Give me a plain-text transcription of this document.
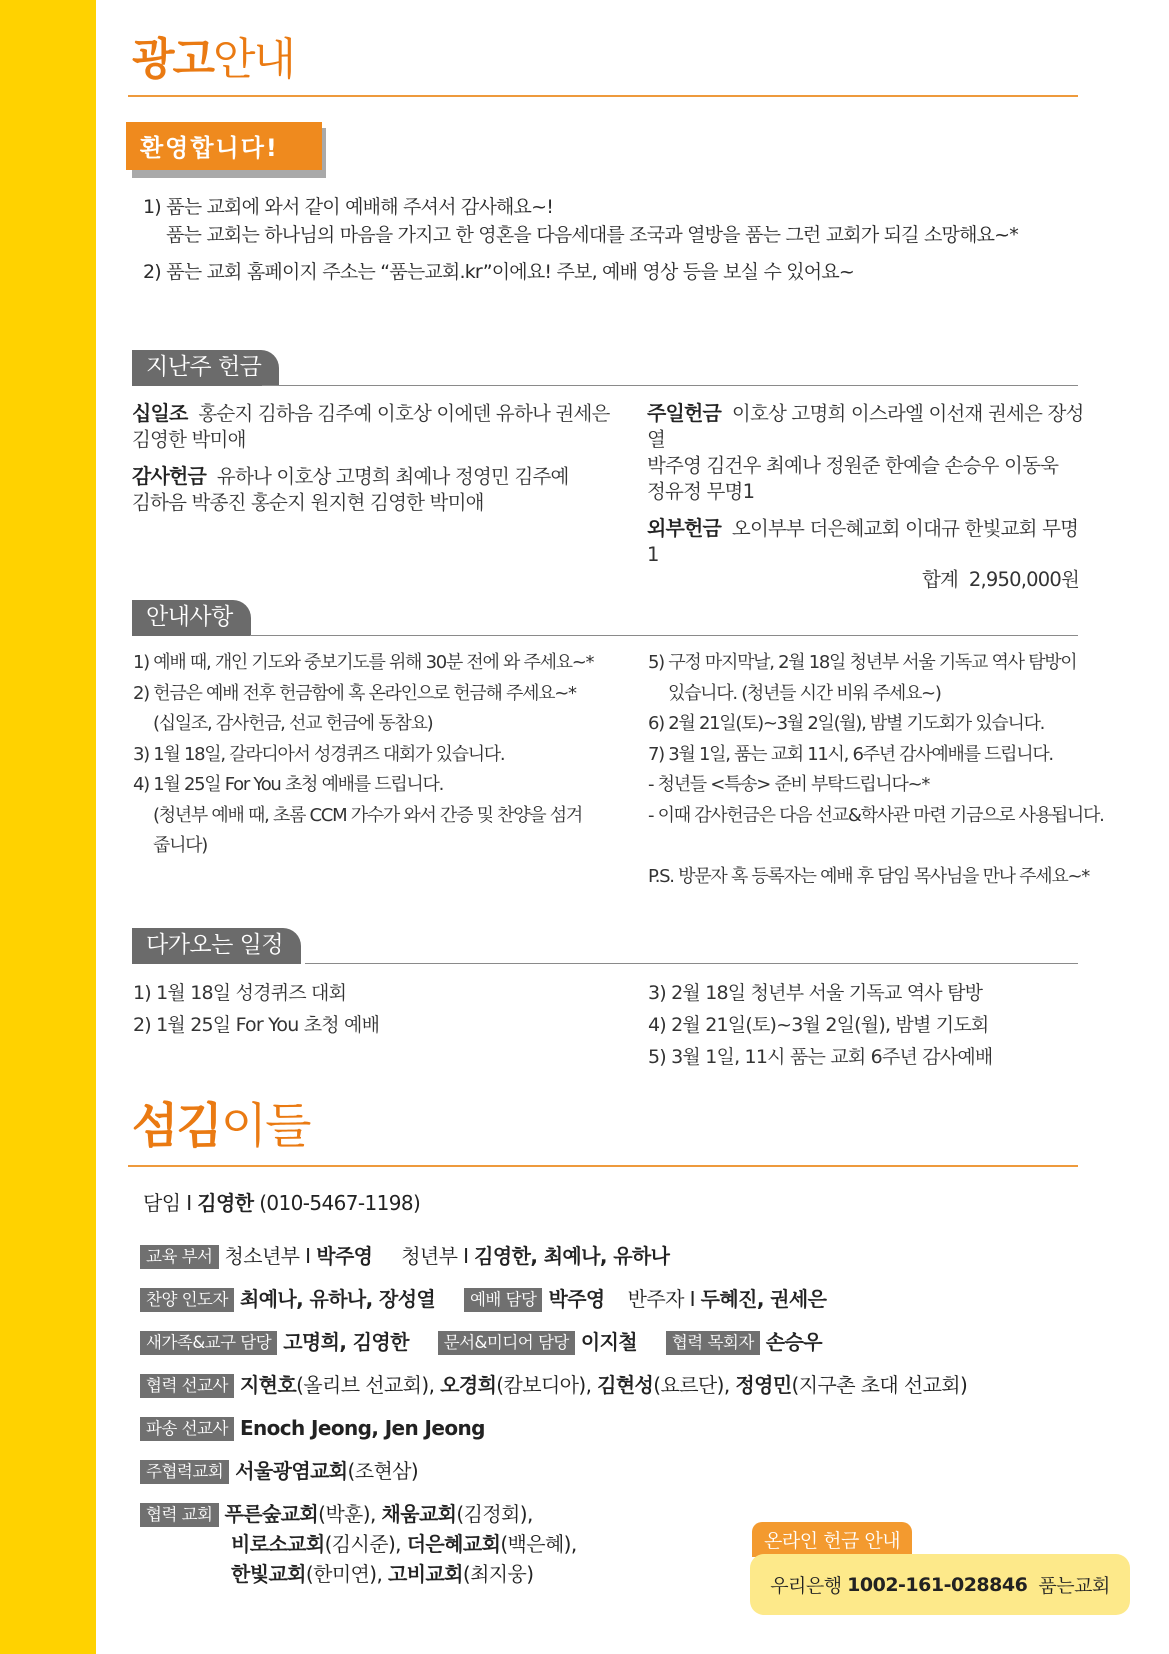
광고안내
환영합니다!
1) 품는 교회에 와서 같이 예배해 주셔서 감사해요~!
품는 교회는 하나님의 마음을 가지고 한 영혼을 다음세대를 조국과 열방을 품는 그런 교회가 되길 소망해요~*
2) 품는 교회 홈페이지 주소는 “품는교회.kr”이에요! 주보, 예배 영상 등을 보실 수 있어요~
지난주 헌금
십일조 홍순지 김하음 김주예 이호상 이에덴 유하나 권세은
김영한 박미애
감사헌금 유하나 이호상 고명희 최예나 정영민 김주예
김하음 박종진 홍순지 원지현 김영한 박미애
주일헌금 이호상 고명희 이스라엘 이선재 권세은 장성열
박주영 김건우 최예나 정원준 한예슬 손승우 이동욱
정유정 무명1
외부헌금 오이부부 더은혜교회 이대규 한빛교회 무명1
합계 2,950,000원
안내사항
1) 예배 때, 개인 기도와 중보기도를 위해 30분 전에 와 주세요~*
2) 헌금은 예배 전후 헌금함에 혹 온라인으로 헌금해 주세요~*
(십일조, 감사헌금, 선교 헌금에 동참요)
3) 1월 18일, 갈라디아서 성경퀴즈 대회가 있습니다.
4) 1월 25일 For You 초청 예배를 드립니다.
(청년부 예배 때, 초롬 CCM 가수가 와서 간증 및 찬양을 섬겨
줍니다)
5) 구정 마지막날, 2월 18일 청년부 서울 기독교 역사 탐방이
있습니다. (청년들 시간 비워 주세요~)
6) 2월 21일(토)~3월 2일(월), 밤별 기도회가 있습니다.
7) 3월 1일, 품는 교회 11시, 6주년 감사예배를 드립니다.
- 청년들 <특송> 준비 부탁드립니다~*
- 이때 감사헌금은 다음 선교&학사관 마련 기금으로 사용됩니다.
P.S. 방문자 혹 등록자는 예배 후 담임 목사님을 만나 주세요~*
다가오는 일정
1) 1월 18일 성경퀴즈 대회
2) 1월 25일 For You 초청 예배
3) 2월 18일 청년부 서울 기독교 역사 탐방
4) 2월 21일(토)~3월 2일(월), 밤별 기도회
5) 3월 1일, 11시 품는 교회 6주년 감사예배
섬김이들
담임 I 김영한 (010-5467-1198)
교육 부서 청소년부 I 박주영 청년부 I 김영한, 최예나, 유하나
찬양 인도자 최예나, 유하나, 장성열 예배 담당 박주영 반주자 I 두혜진, 권세은
새가족&교구 담당 고명희, 김영한 문서&미디어 담당 이지철 협력 목회자 손승우
협력 선교사 지현호(올리브 선교회), 오경희(캄보디아), 김현성(요르단), 정영민(지구촌 초대 선교회)
파송 선교사 Enoch Jeong, Jen Jeong
주협력교회 서울광염교회(조현삼)
협력 교회 푸른숲교회(박훈), 채움교회(김정회),
비로소교회(김시준), 더은혜교회(백은혜),
한빛교회(한미연), 고비교회(최지웅)
온라인 헌금 안내
우리은행
1002-161-028846
품는교회
